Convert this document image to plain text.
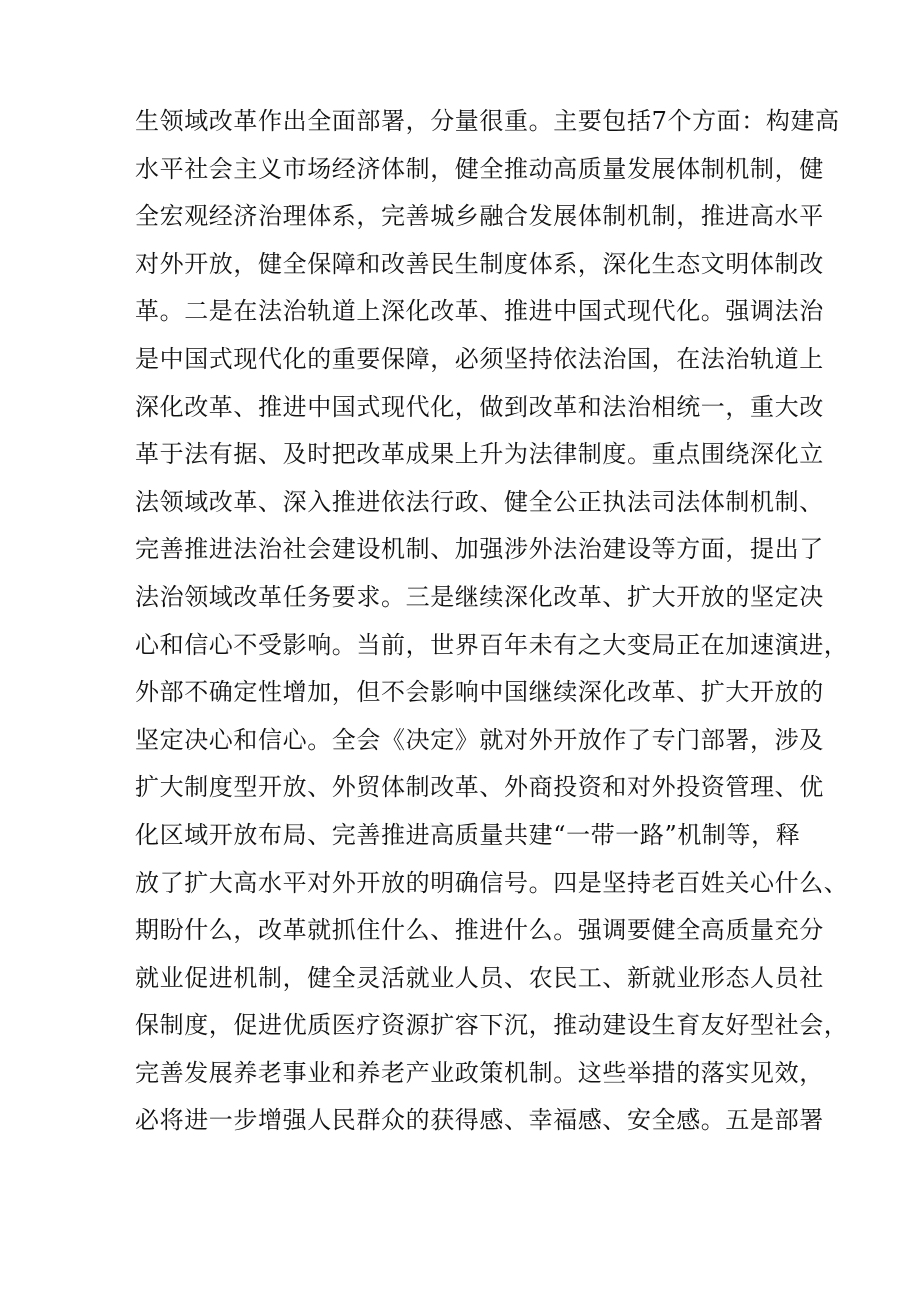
生领域改革作出全面部署，分量很重。主要包括7个方面：构建高
水平社会主义市场经济体制，健全推动高质量发展体制机制，健
全宏观经济治理体系，完善城乡融合发展体制机制，推进高水平
对外开放，健全保障和改善民生制度体系，深化生态文明体制改
革。二是在法治轨道上深化改革、推进中国式现代化。强调法治
是中国式现代化的重要保障，必须坚持依法治国，在法治轨道上
深化改革、推进中国式现代化，做到改革和法治相统一，重大改
革于法有据、及时把改革成果上升为法律制度。重点围绕深化立
法领域改革、深入推进依法行政、健全公正执法司法体制机制、
完善推进法治社会建设机制、加强涉外法治建设等方面，提出了
法治领域改革任务要求。三是继续深化改革、扩大开放的坚定决
心和信心不受影响。当前，世界百年未有之大变局正在加速演进，
外部不确定性增加，但不会影响中国继续深化改革、扩大开放的
坚定决心和信心。全会《决定》就对外开放作了专门部署，涉及
扩大制度型开放、外贸体制改革、外商投资和对外投资管理、优
化区域开放布局、完善推进高质量共建“一带一路”机制等，释
放了扩大高水平对外开放的明确信号。四是坚持老百姓关心什么、
期盼什么，改革就抓住什么、推进什么。强调要健全高质量充分
就业促进机制，健全灵活就业人员、农民工、新就业形态人员社
保制度，促进优质医疗资源扩容下沉，推动建设生育友好型社会，
完善发展养老事业和养老产业政策机制。这些举措的落实见效，
必将进一步增强人民群众的获得感、幸福感、安全感。五是部署
